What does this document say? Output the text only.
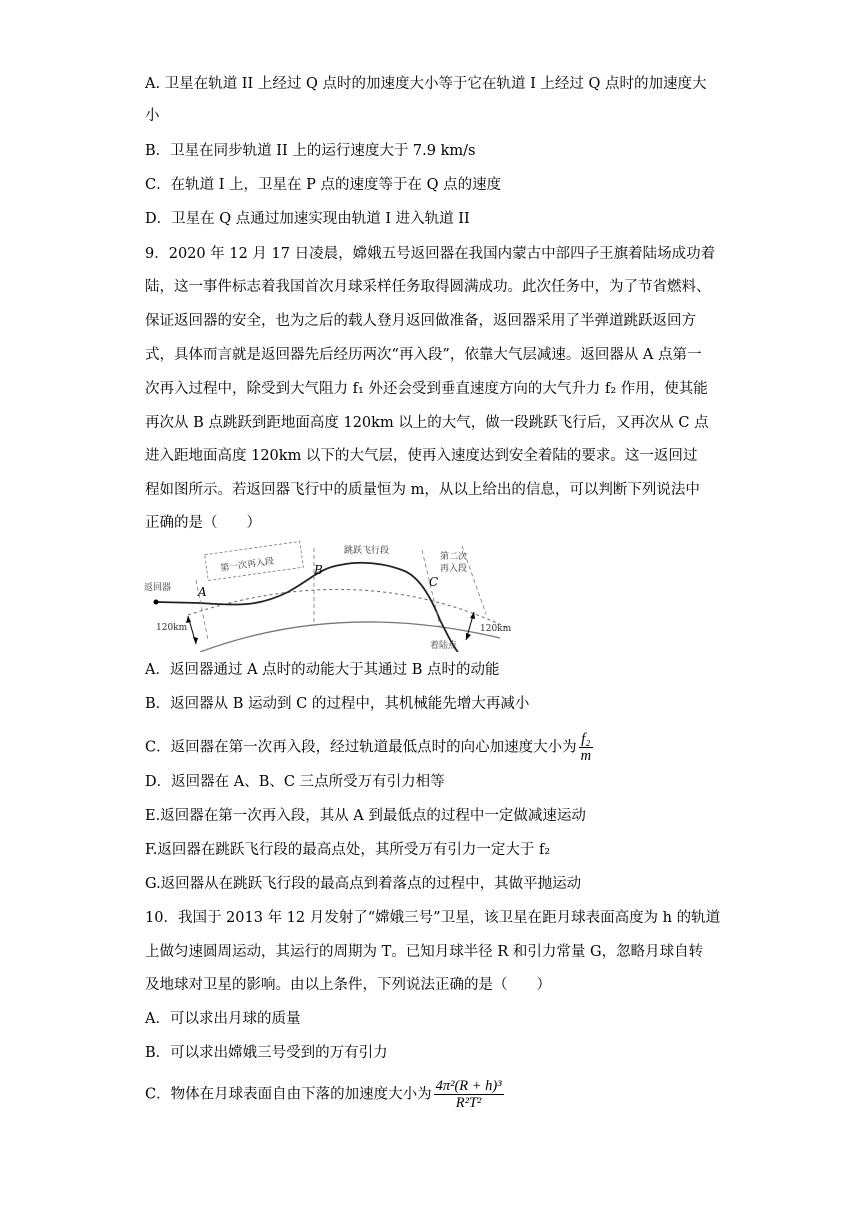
A. 卫星在轨道 II 上经过 Q 点时的加速度大小等于它在轨道 I 上经过 Q 点时的加速度大
小
B．卫星在同步轨道 II 上的运行速度大于 7.9 km/s
C．在轨道 I 上，卫星在 P 点的速度等于在 Q 点的速度
D．卫星在 Q 点通过加速实现由轨道 I 进入轨道 II
9．2020 年 12 月 17 日凌晨，嫦娥五号返回器在我国内蒙古中部四子王旗着陆场成功着
陆，这一事件标志着我国首次月球采样任务取得圆满成功。此次任务中，为了节省燃料、
保证返回器的安全，也为之后的载人登月返回做准备，返回器采用了半弹道跳跃返回方
式，具体而言就是返回器先后经历两次“再入段”，依靠大气层减速。返回器从 A 点第一
次再入过程中，除受到大气阻力 f₁ 外还会受到垂直速度方向的大气升力 f₂ 作用，使其能
再次从 B 点跳跃到距地面高度 120km 以上的大气，做一段跳跃飞行后，又再次从 C 点
进入距地面高度 120km 以下的大气层，使再入速度达到安全着陆的要求。这一返回过
程如图所示。若返回器飞行中的质量恒为 m，从以上给出的信息，可以判断下列说法中
正确的是（　　）
第一次再入段
跳跃飞行段
第二次
再入段
返回器
着陆点
120km	120km
A
B
C
A．返回器通过 A 点时的动能大于其通过 B 点时的动能
B．返回器从 B 运动到 C 的过程中，其机械能先增大再减小
C．返回器在第一次再入段，经过轨道最低点时的向心加速度大小为 $\frac{\text{f₂}}{m}$
D．返回器在 A、B、C 三点所受万有引力相等
E.返回器在第一次再入段，其从 A 到最低点的过程中一定做减速运动
F.返回器在跳跃飞行段的最高点处，其所受万有引力一定大于 f₂
G.返回器从在跳跃飞行段的最高点到着落点的过程中，其做平抛运动
10．我国于 2013 年 12 月发射了“嫦娥三号”卫星，该卫星在距月球表面高度为 h 的轨道
上做匀速圆周运动，其运行的周期为 T。已知月球半径 R 和引力常量 G，忽略月球自转
及地球对卫星的影响。由以上条件，下列说法正确的是（　　）
A．可以求出月球的质量
B．可以求出嫦娥三号受到的万有引力
C．物体在月球表面自由下落的加速度大小为 $\frac{\text{4π²(R + h)³}}{\text{R²T²}}$
